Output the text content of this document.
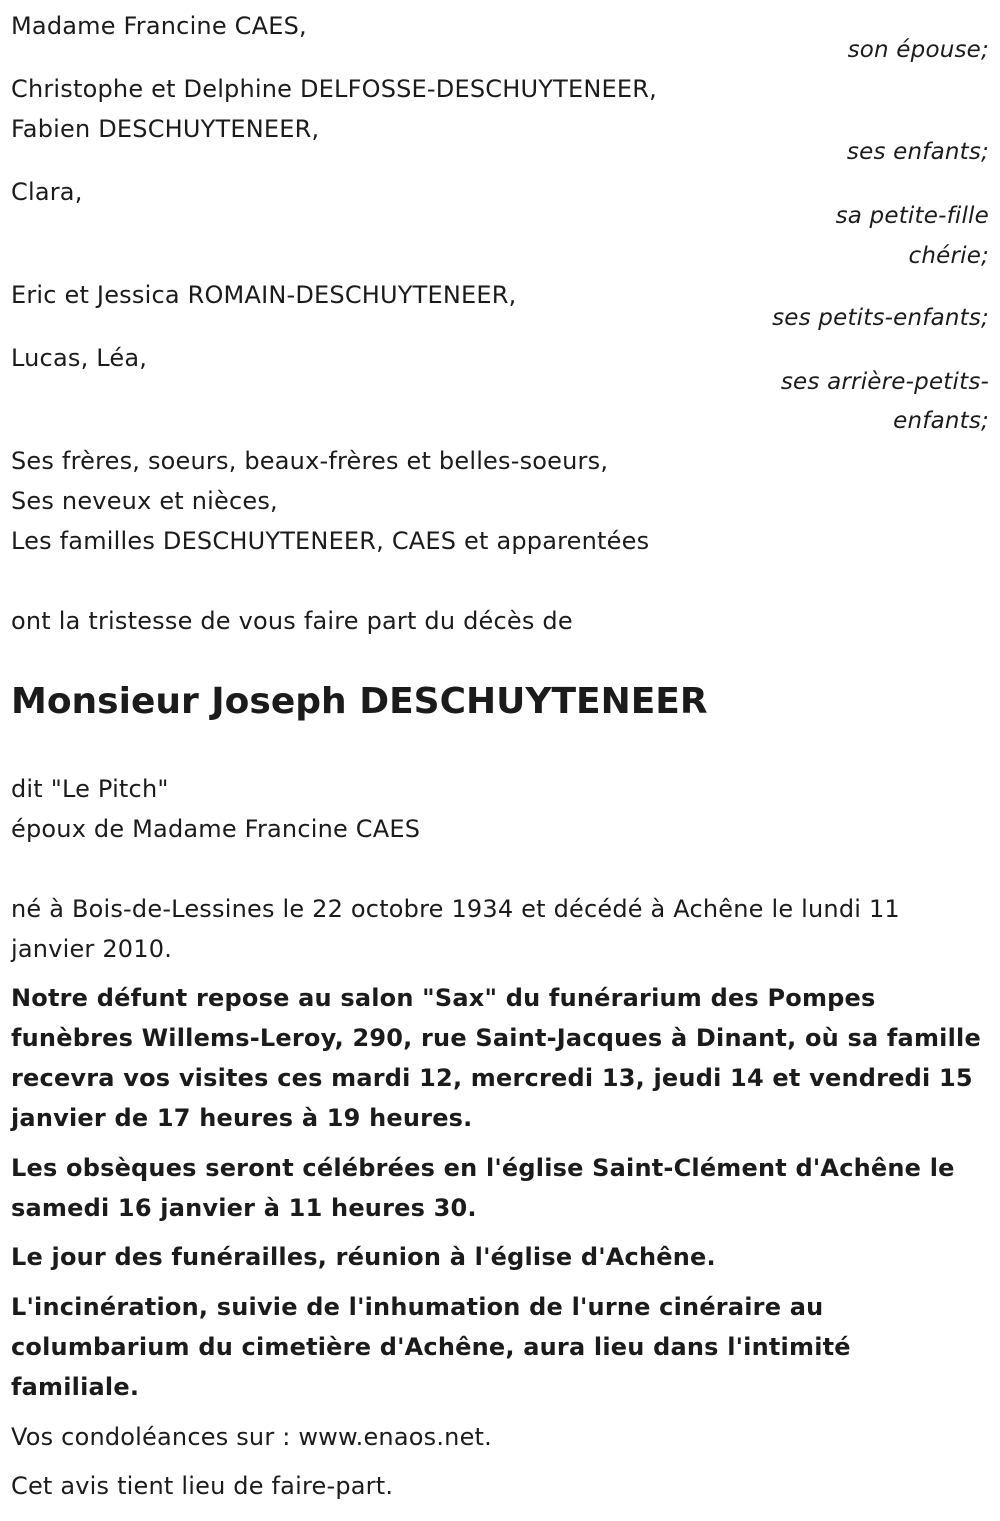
Madame Francine CAES,
son épouse;
Christophe et Delphine DELFOSSE-DESCHUYTENEER,
Fabien DESCHUYTENEER,
ses enfants;
Clara,
sa petite-fille
chérie;
Eric et Jessica ROMAIN-DESCHUYTENEER,
ses petits-enfants;
Lucas, Léa,
ses arrière-petits-
enfants;
Ses frères, soeurs, beaux-frères et belles-soeurs,
Ses neveux et nièces,
Les familles DESCHUYTENEER, CAES et apparentées
ont la tristesse de vous faire part du décès de
Monsieur Joseph DESCHUYTENEER
dit "Le Pitch"
époux de Madame Francine CAES
né à Bois-de-Lessines le 22 octobre 1934 et décédé à Achêne le lundi 11 janvier 2010.
Notre défunt repose au salon "Sax" du funérarium des Pompes funèbres Willems-Leroy, 290, rue Saint-Jacques à Dinant, où sa famille recevra vos visites ces mardi 12, mercredi 13, jeudi 14 et vendredi 15 janvier de 17 heures à 19 heures.
Les obsèques seront célébrées en l'église Saint-Clément d'Achêne le samedi 16 janvier à 11 heures 30.
Le jour des funérailles, réunion à l'église d'Achêne.
L'incinération, suivie de l'inhumation de l'urne cinéraire au columbarium du cimetière d'Achêne, aura lieu dans l'intimité familiale.
Vos condoléances sur : www.enaos.net.
Cet avis tient lieu de faire-part.
